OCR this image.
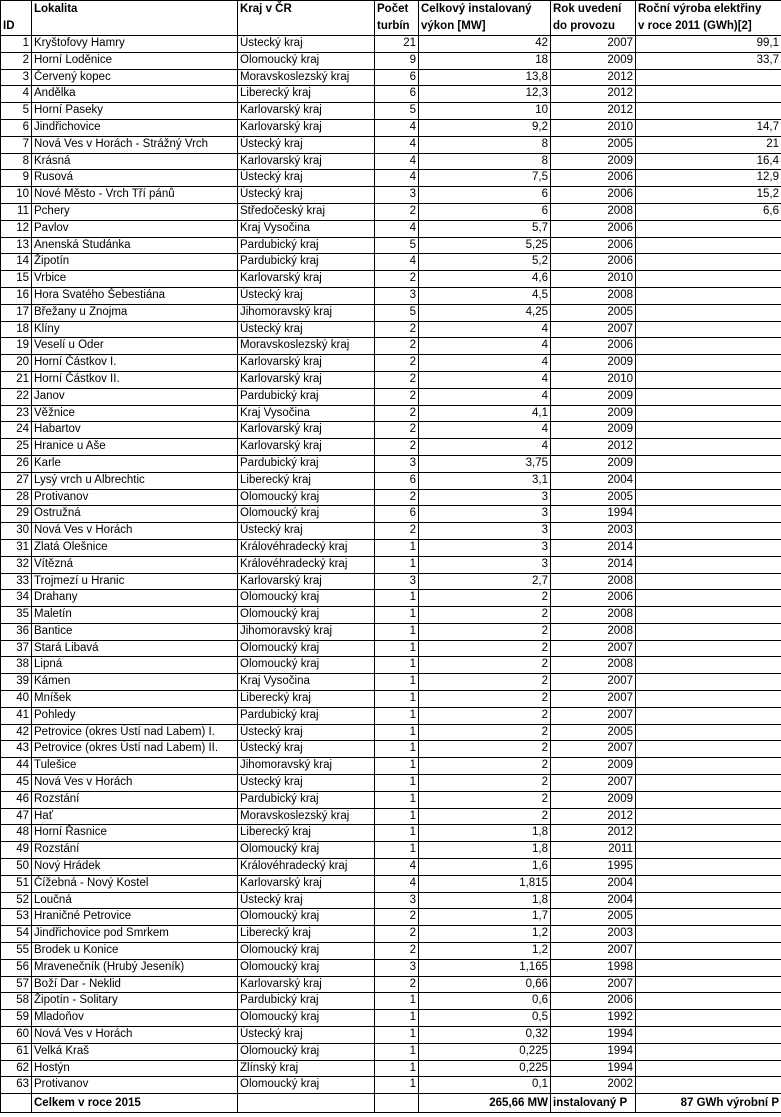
	Lokalita	Kraj v ČR	Počet	Celkový instalovaný	Rok uvedení	Roční výroba elektřiny
ID			turbín	výkon [MW]	do provozu	v roce 2011 (GWh)[2]
1	Kryštofovy Hamry	Ústecký kraj	21	42	2007	99,1
2	Horní Loděnice	Olomoucký kraj	9	18	2009	33,7
3	Červený kopec	Moravskoslezský kraj	6	13,8	2012	
4	Andělka	Liberecký kraj	6	12,3	2012	
5	Horní Paseky	Karlovarský kraj	5	10	2012	
6	Jindřichovice	Karlovarský kraj	4	9,2	2010	14,7
7	Nová Ves v Horách - Strážný Vrch	Ústecký kraj	4	8	2005	21
8	Krásná	Karlovarský kraj	4	8	2009	16,4
9	Rusová	Ústecký kraj	4	7,5	2006	12,9
10	Nové Město - Vrch Tří pánů	Ústecký kraj	3	6	2006	15,2
11	Pchery	Středočeský kraj	2	6	2008	6,6
12	Pavlov	Kraj Vysočina	4	5,7	2006	
13	Anenská Studánka	Pardubický kraj	5	5,25	2006	
14	Žipotín	Pardubický kraj	4	5,2	2006	
15	Vrbice	Karlovarský kraj	2	4,6	2010	
16	Hora Svatého Šebestiána	Ústecký kraj	3	4,5	2008	
17	Břežany u Znojma	Jihomoravský kraj	5	4,25	2005	
18	Klíny	Ústecký kraj	2	4	2007	
19	Veselí u Oder	Moravskoslezský kraj	2	4	2006	
20	Horní Částkov I.	Karlovarský kraj	2	4	2009	
21	Horní Částkov II.	Karlovarský kraj	2	4	2010	
22	Janov	Pardubický kraj	2	4	2009	
23	Věžnice	Kraj Vysočina	2	4,1	2009	
24	Habartov	Karlovarský kraj	2	4	2009	
25	Hranice u Aše	Karlovarský kraj	2	4	2012	
26	Karle	Pardubický kraj	3	3,75	2009	
27	Lysý vrch u Albrechtic	Liberecký kraj	6	3,1	2004	
28	Protivanov	Olomoucký kraj	2	3	2005	
29	Ostružná	Olomoucký kraj	6	3	1994	
30	Nová Ves v Horách	Ústecký kraj	2	3	2003	
31	Zlatá Olešnice	Královéhradecký kraj	1	3	2014	
32	Vítězná	Královéhradecký kraj	1	3	2014	
33	Trojmezí u Hranic	Karlovarský kraj	3	2,7	2008	
34	Drahany	Olomoucký kraj	1	2	2006	
35	Maletín	Olomoucký kraj	1	2	2008	
36	Bantice	Jihomoravský kraj	1	2	2008	
37	Stará Libavá	Olomoucký kraj	1	2	2007	
38	Lipná	Olomoucký kraj	1	2	2008	
39	Kámen	Kraj Vysočina	1	2	2007	
40	Mníšek	Liberecký kraj	1	2	2007	
41	Pohledy	Pardubický kraj	1	2	2007	
42	Petrovice (okres Ústí nad Labem) I.	Ústecký kraj	1	2	2005	
43	Petrovice (okres Ústí nad Labem) II.	Ústecký kraj	1	2	2007	
44	Tulešice	Jihomoravský kraj	1	2	2009	
45	Nová Ves v Horách	Ústecký kraj	1	2	2007	
46	Rozstání	Pardubický kraj	1	2	2009	
47	Hať	Moravskoslezský kraj	1	2	2012	
48	Horní Řasnice	Liberecký kraj	1	1,8	2012	
49	Rozstání	Olomoucký kraj	1	1,8	2011	
50	Nový Hrádek	Královéhradecký kraj	4	1,6	1995	
51	Čížebná - Nový Kostel	Karlovarský kraj	4	1,815	2004	
52	Loučná	Ústecký kraj	3	1,8	2004	
53	Hraničné Petrovice	Olomoucký kraj	2	1,7	2005	
54	Jindřichovice pod Smrkem	Liberecký kraj	2	1,2	2003	
55	Brodek u Konice	Olomoucký kraj	2	1,2	2007	
56	Mravenečník (Hrubý Jeseník)	Olomoucký kraj	3	1,165	1998	
57	Boží Dar - Neklid	Karlovarský kraj	2	0,66	2007	
58	Žipotín - Solitary	Pardubický kraj	1	0,6	2006	
59	Mladoňov	Olomoucký kraj	1	0,5	1992	
60	Nová Ves v Horách	Ústecký kraj	1	0,32	1994	
61	Velká Kraš	Olomoucký kraj	1	0,225	1994	
62	Hostýn	Zlínský kraj	1	0,225	1994	
63	Protivanov	Olomoucký kraj	1	0,1	2002	
	Celkem v roce 2015			265,66 MW	instalovaný P	87 GWh výrobní P
